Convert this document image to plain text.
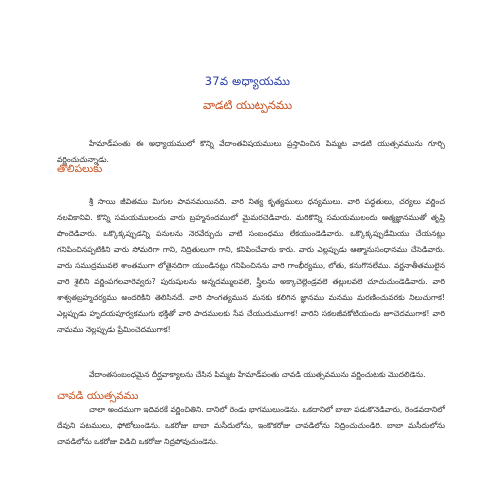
37వ అధ్యాయము
వాడటి యుట్పనము

హేమాడ్‌పంతు ఈ అధ్యాయములో కొన్ని వేదాంతవిషయములు ప్రస్తావించిన పిమ్మట వాడటి యుత్సవమును గూర్చి వర్ణించుచున్నాడు.

తొలిపలుకు

శ్రీ సాయి జీవితము మిగుల పావనమయినది. వారి నిత్య కృత్యములు ధన్యములు. వారి పద్ధతులు, చర్యలు వర్ణించ నలవికానివి. కొన్ని సమయములందు వారు బ్రహ్మనందములో మైమరచెడివారు. మరికొన్ని సమయములందు ఆత్మజ్ఞానముతో తృప్తి పొందెడివారు. ఒక్కొక్కప్పుడన్ని పనులను నెరవేర్చుచు వాటి సంబంధము లేకయుండెడివారు. ఒక్కొక్కప్పుడేమియు చేయనట్లు గనిపించినప్పటికిని వారు సోమరిగా గాని, నిద్రితులుగా గాని, కనిపించేవారు కారు. వారు ఎల్లప్పుడు ఆత్మానుసంధానము చేసెడివారు. వారు సముద్రమువలె శాంతముగా లోతైనదిగా యుండినట్లు గనిపించినను వారి గాంభీర్యము, లోతు, కనుగొనలేము. వర్ణనాతీతములైన వారి శైలిని వర్ణింపగలవారెవ్వరు? పురుషులను అన్నదమ్ములవలె, స్త్రీలను అక్కాచెల్లెండ్రవలె తల్లులవలె చూచుచుండెడివారు. వారి శాశ్వతబ్రహ్మచర్యము అందరికిని తెలిసినదే. వారి సాంగత్యమున మనకు కలిగిన జ్ఞానము మనము మరణించువరకు నిలుచుగాక! ఎల్లప్పుడు హృదయపూర్వకముగు భక్తితో వారి పాదములకు సేవ చేయుదుముగాక! వారిని సకలజీవకోటియందు జూచెదముగాక! వారి నామము నెల్లప్పుడు ప్రేమించెదముగాక!

వేదాంతసంబంధమైన దీర్ఘవాక్యాలను చేసిన పిమ్మట హేమాడ్‌పంతు చావడి యుత్సవమును వర్ణించుటకు మొదలిడెను.

చావడి యుత్సవము

చాలా అందముగా ఇదివరకే వర్ణించితిని. దానిలో రెండు భాగములుండెను. ఒకదానిలో బాబా పడుకొనెడివారు, రెండవదానిలో దేవుని పటములు, ఫోటోలుండెను. ఒకరోజు బాబా మసీదులోను, ఇంకొకరోజు చావడిలోను నిద్రించుచుండిరి. బాబా మసీదులోను చావడిలోను ఒకరోజు విడిచి ఒకరోజు నిద్రపోవుచుండెను.
